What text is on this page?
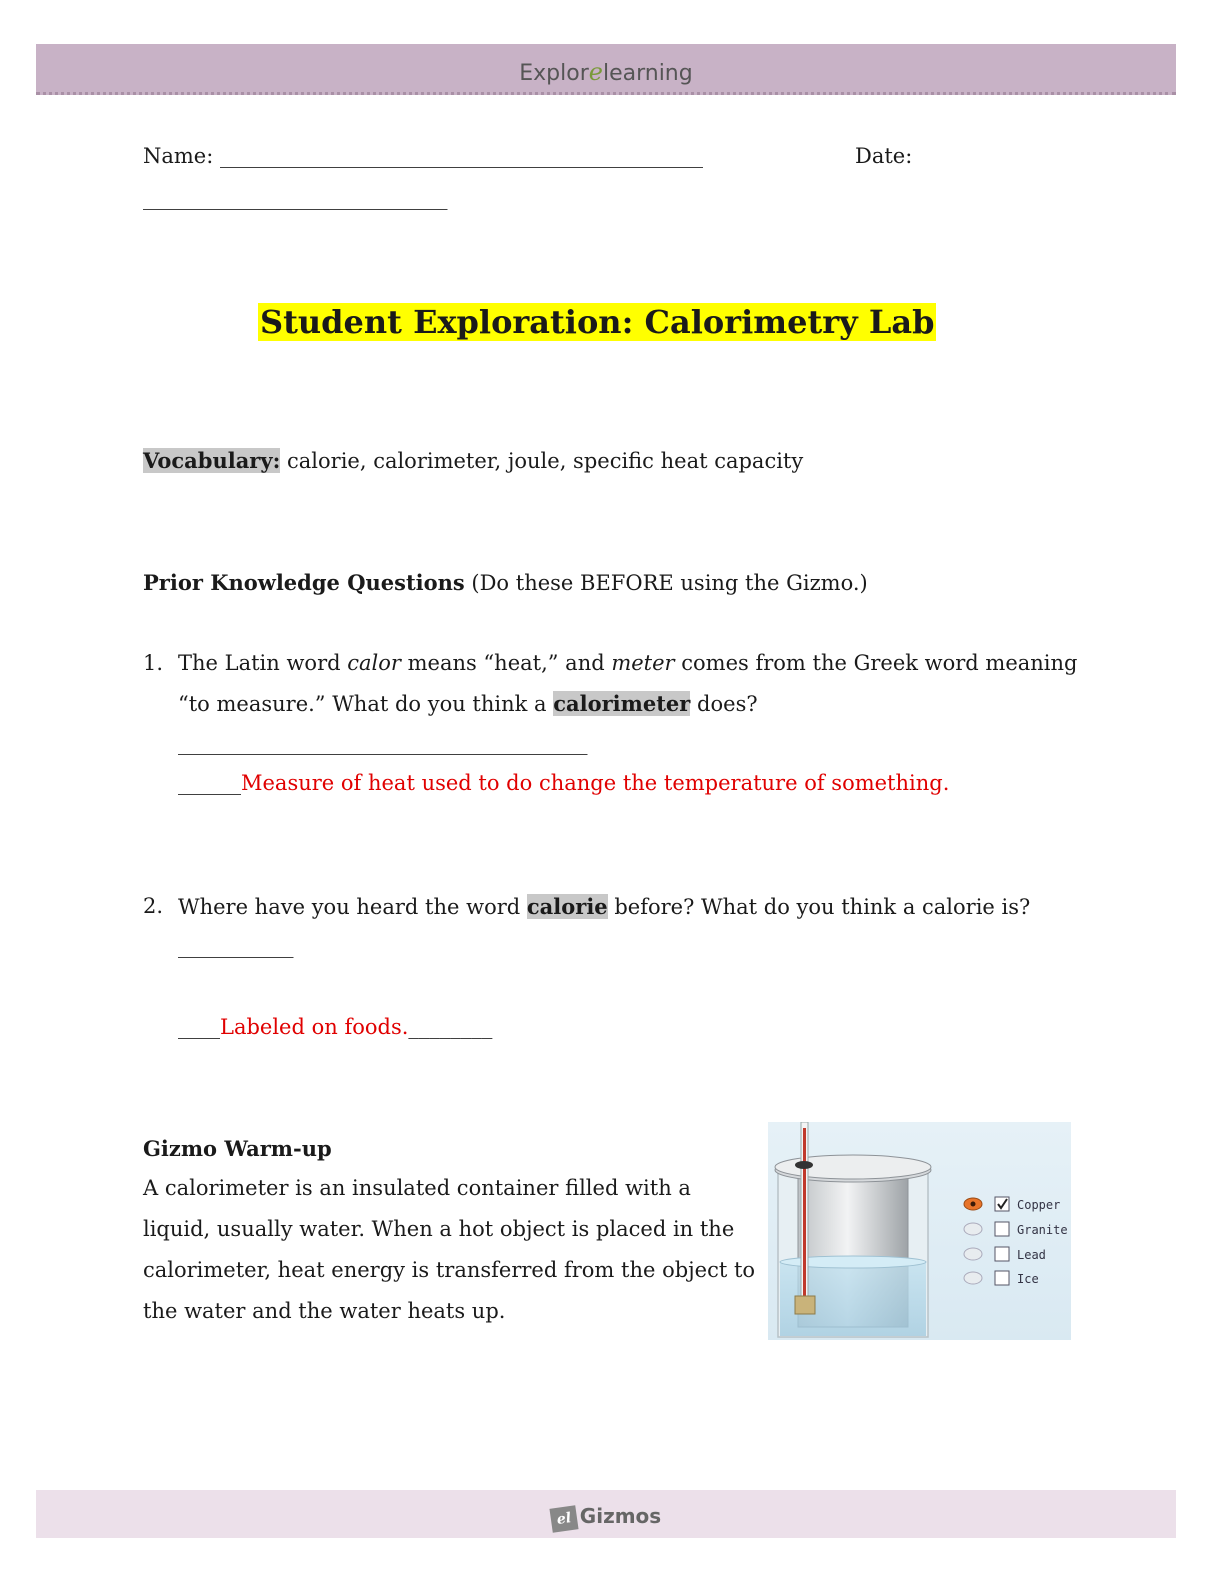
Explorelearning
Name: ______________________________________________	Date:
_____________________________
Student Exploration: Calorimetry Lab
Vocabulary: calorie, calorimeter, joule, specific heat capacity
Prior Knowledge Questions (Do these BEFORE using the Gizmo.)
1. The Latin word calor means “heat,” and meter comes from the Greek word meaning
“to measure.” What do you think a calorimeter does?
_______________________________________
______Measure of heat used to do change the temperature of something.
2. Where have you heard the word calorie before? What do you think a calorie is?
___________
____Labeled on foods.________
Gizmo Warm-up
A calorimeter is an insulated container filled with a
liquid, usually water. When a hot object is placed in the
calorimeter, heat energy is transferred from the object to
the water and the water heats up.
Copper
Granite
Lead
Ice
el Gizmos
